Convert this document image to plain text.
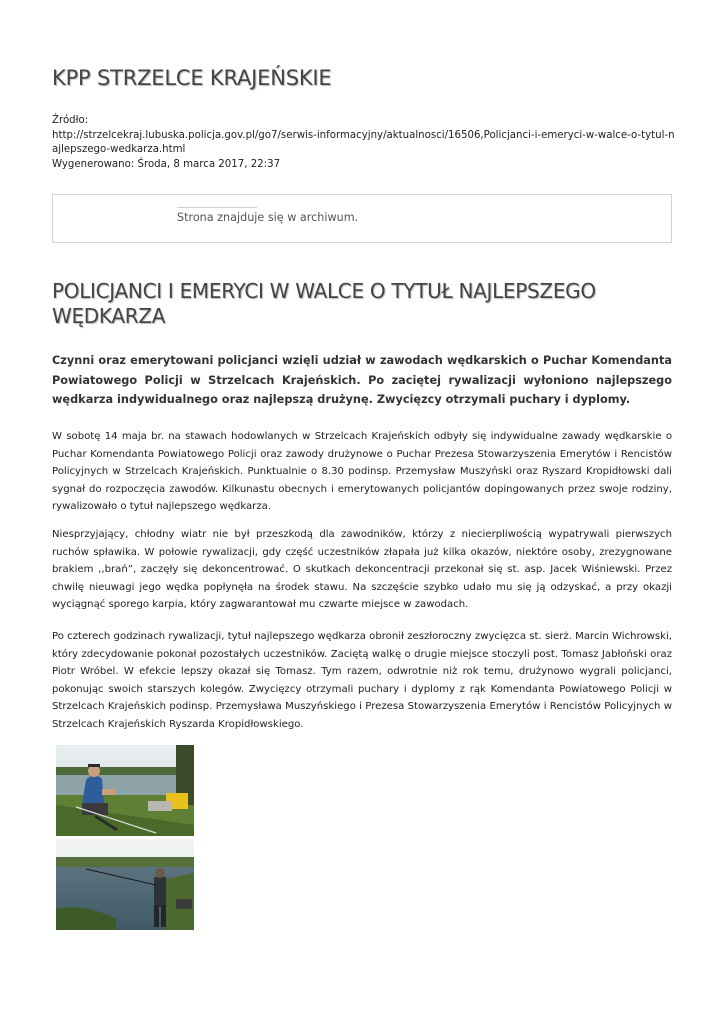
KPP STRZELCE KRAJEŃSKIE
Źródło:
http://strzelcekraj.lubuska.policja.gov.pl/go7/serwis-informacyjny/aktualnosci/16506,Policjanci-i-emeryci-w-walce-o-tytul-najlepszego-wedkarza.html
Wygenerowano: Środa, 8 marca 2017, 22:37
Strona znajduje się w archiwum.
POLICJANCI I EMERYCI W WALCE O TYTUŁ NAJLEPSZEGO WĘDKARZA

Czynni oraz emerytowani policjanci wzięli udział w zawodach wędkarskich o Puchar Komendanta Powiatowego Policji w Strzelcach Krajeńskich. Po zaciętej rywalizacji wyłoniono najlepszego wędkarza indywidualnego oraz najlepszą drużynę. Zwycięzcy otrzymali puchary i dyplomy.

W sobotę 14 maja br. na stawach hodowlanych w Strzelcach Krajeńskich odbyły się indywidualne zawady wędkarskie o Puchar Komendanta Powiatowego Policji oraz zawody drużynowe o Puchar Prezesa Stowarzyszenia Emerytów i Rencistów Policyjnych w Strzelcach Krajeńskich. Punktualnie o 8.30 podinsp. Przemysław Muszyński oraz Ryszard Kropidłowski dali sygnał do rozpoczęcia zawodów. Kilkunastu obecnych i emerytowanych policjantów dopingowanych przez swoje rodziny, rywalizowało o tytuł najlepszego wędkarza.

Niesprzyjający, chłodny wiatr nie był przeszkodą dla zawodników, którzy z niecierpliwością wypatrywali pierwszych ruchów spławika. W połowie rywalizacji, gdy część uczestników złapała już kilka okazów, niektóre osoby, zrezygnowane brakiem ,,brań”, zaczęły się dekoncentrować. O skutkach dekoncentracji przekonał się st. asp. Jacek Wiśniewski. Przez chwilę nieuwagi jego wędka popłynęła na środek stawu. Na szczęście szybko udało mu się ją odzyskać, a przy okazji wyciągnąć sporego karpia, który zagwarantował mu czwarte miejsce w zawodach.

Po czterech godzinach rywalizacji, tytuł najlepszego wędkarza obronił zeszłoroczny zwycięzca st. sierż. Marcin Wichrowski, który zdecydowanie pokonał pozostałych uczestników. Zaciętą walkę o drugie miejsce stoczyli post. Tomasz Jabłoński oraz Piotr Wróbel. W efekcie lepszy okazał się Tomasz. Tym razem, odwrotnie niż rok temu, drużynowo wygrali policjanci, pokonując swoich starszych kolegów. Zwycięzcy otrzymali puchary i dyplomy z rąk Komendanta Powiatowego Policji w Strzelcach Krajeńskich podinsp. Przemysława Muszyńskiego i Prezesa Stowarzyszenia Emerytów i Rencistów Policyjnych w Strzelcach Krajeńskich Ryszarda Kropidłowskiego.
